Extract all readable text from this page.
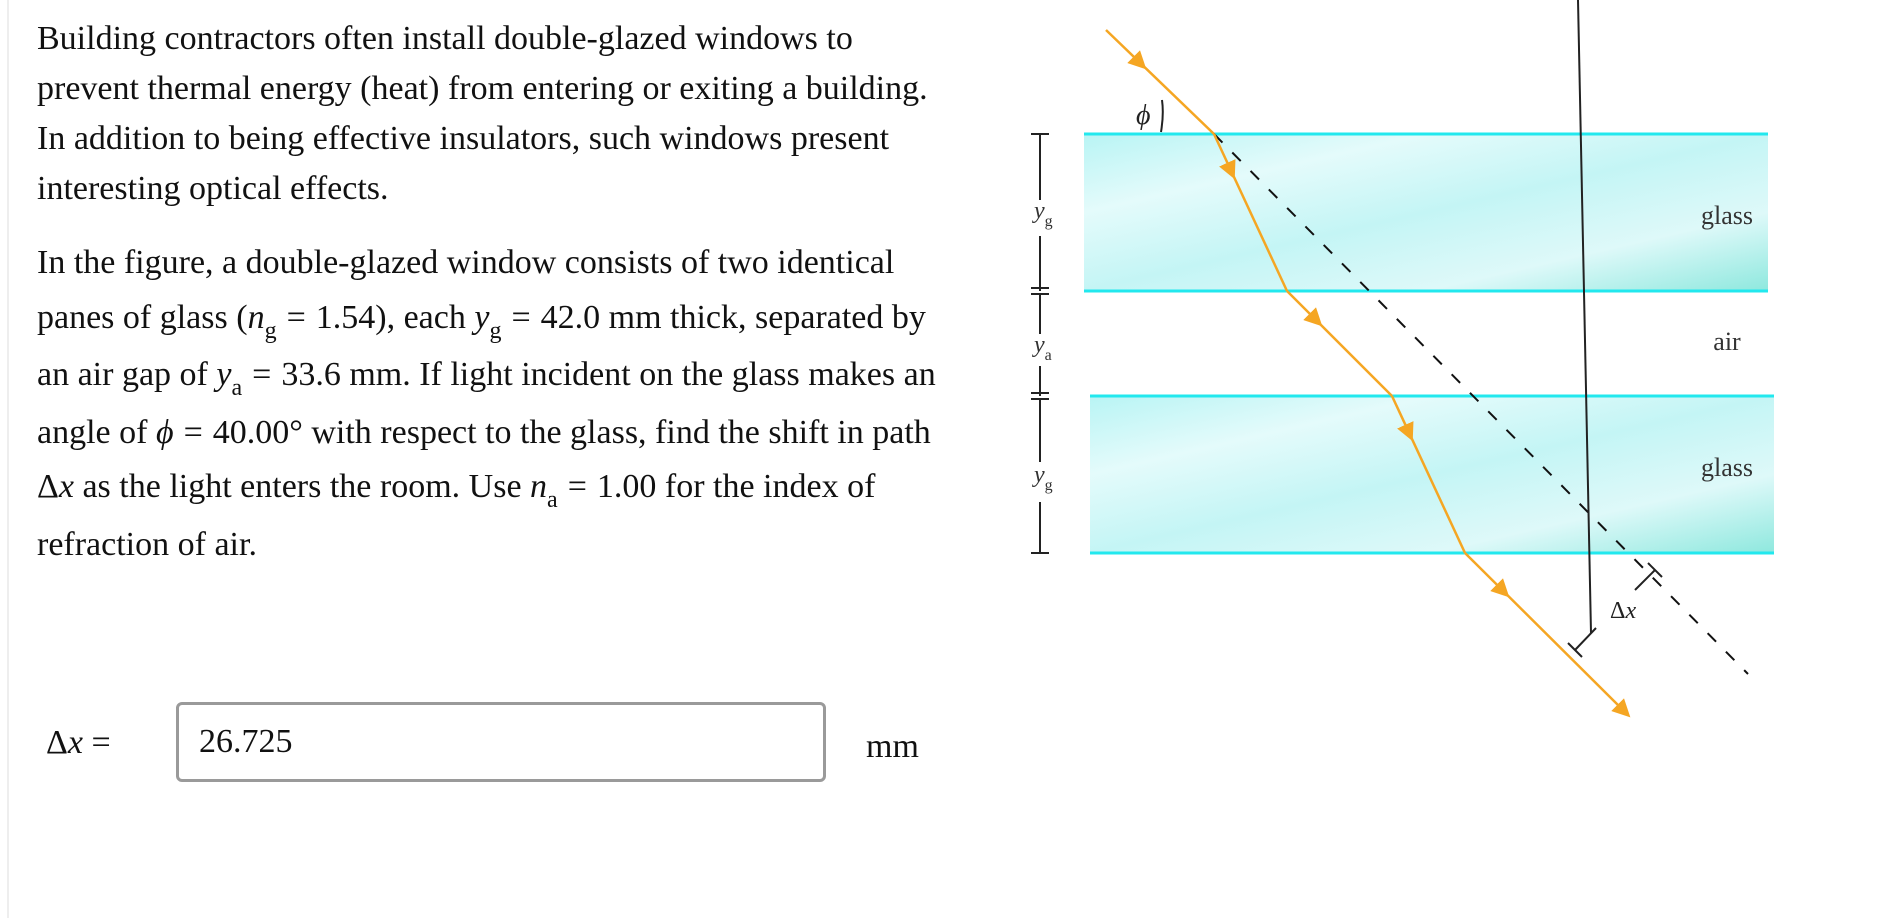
Building contractors often install double-glazed windows to prevent thermal energy (heat) from entering or exiting a building. In addition to being effective insulators, such windows present interesting optical effects.

In the figure, a double-glazed window consists of two identical panes of glass $(n_g = 1.54)$, each $y_g = 42.0$ mm thick, separated by an air gap of $y_a = 33.6$ mm. If light incident on the glass makes an angle of ϕ = 40.00° with respect to the glass, find the shift in path Δx as the light enters the room. Use $n_a = 1.00$ for the index of refraction of air.

Δx =
26.725	mm
glass
air
glass
$y_g$
$y_a$
$y_g$
ϕ
Δx
